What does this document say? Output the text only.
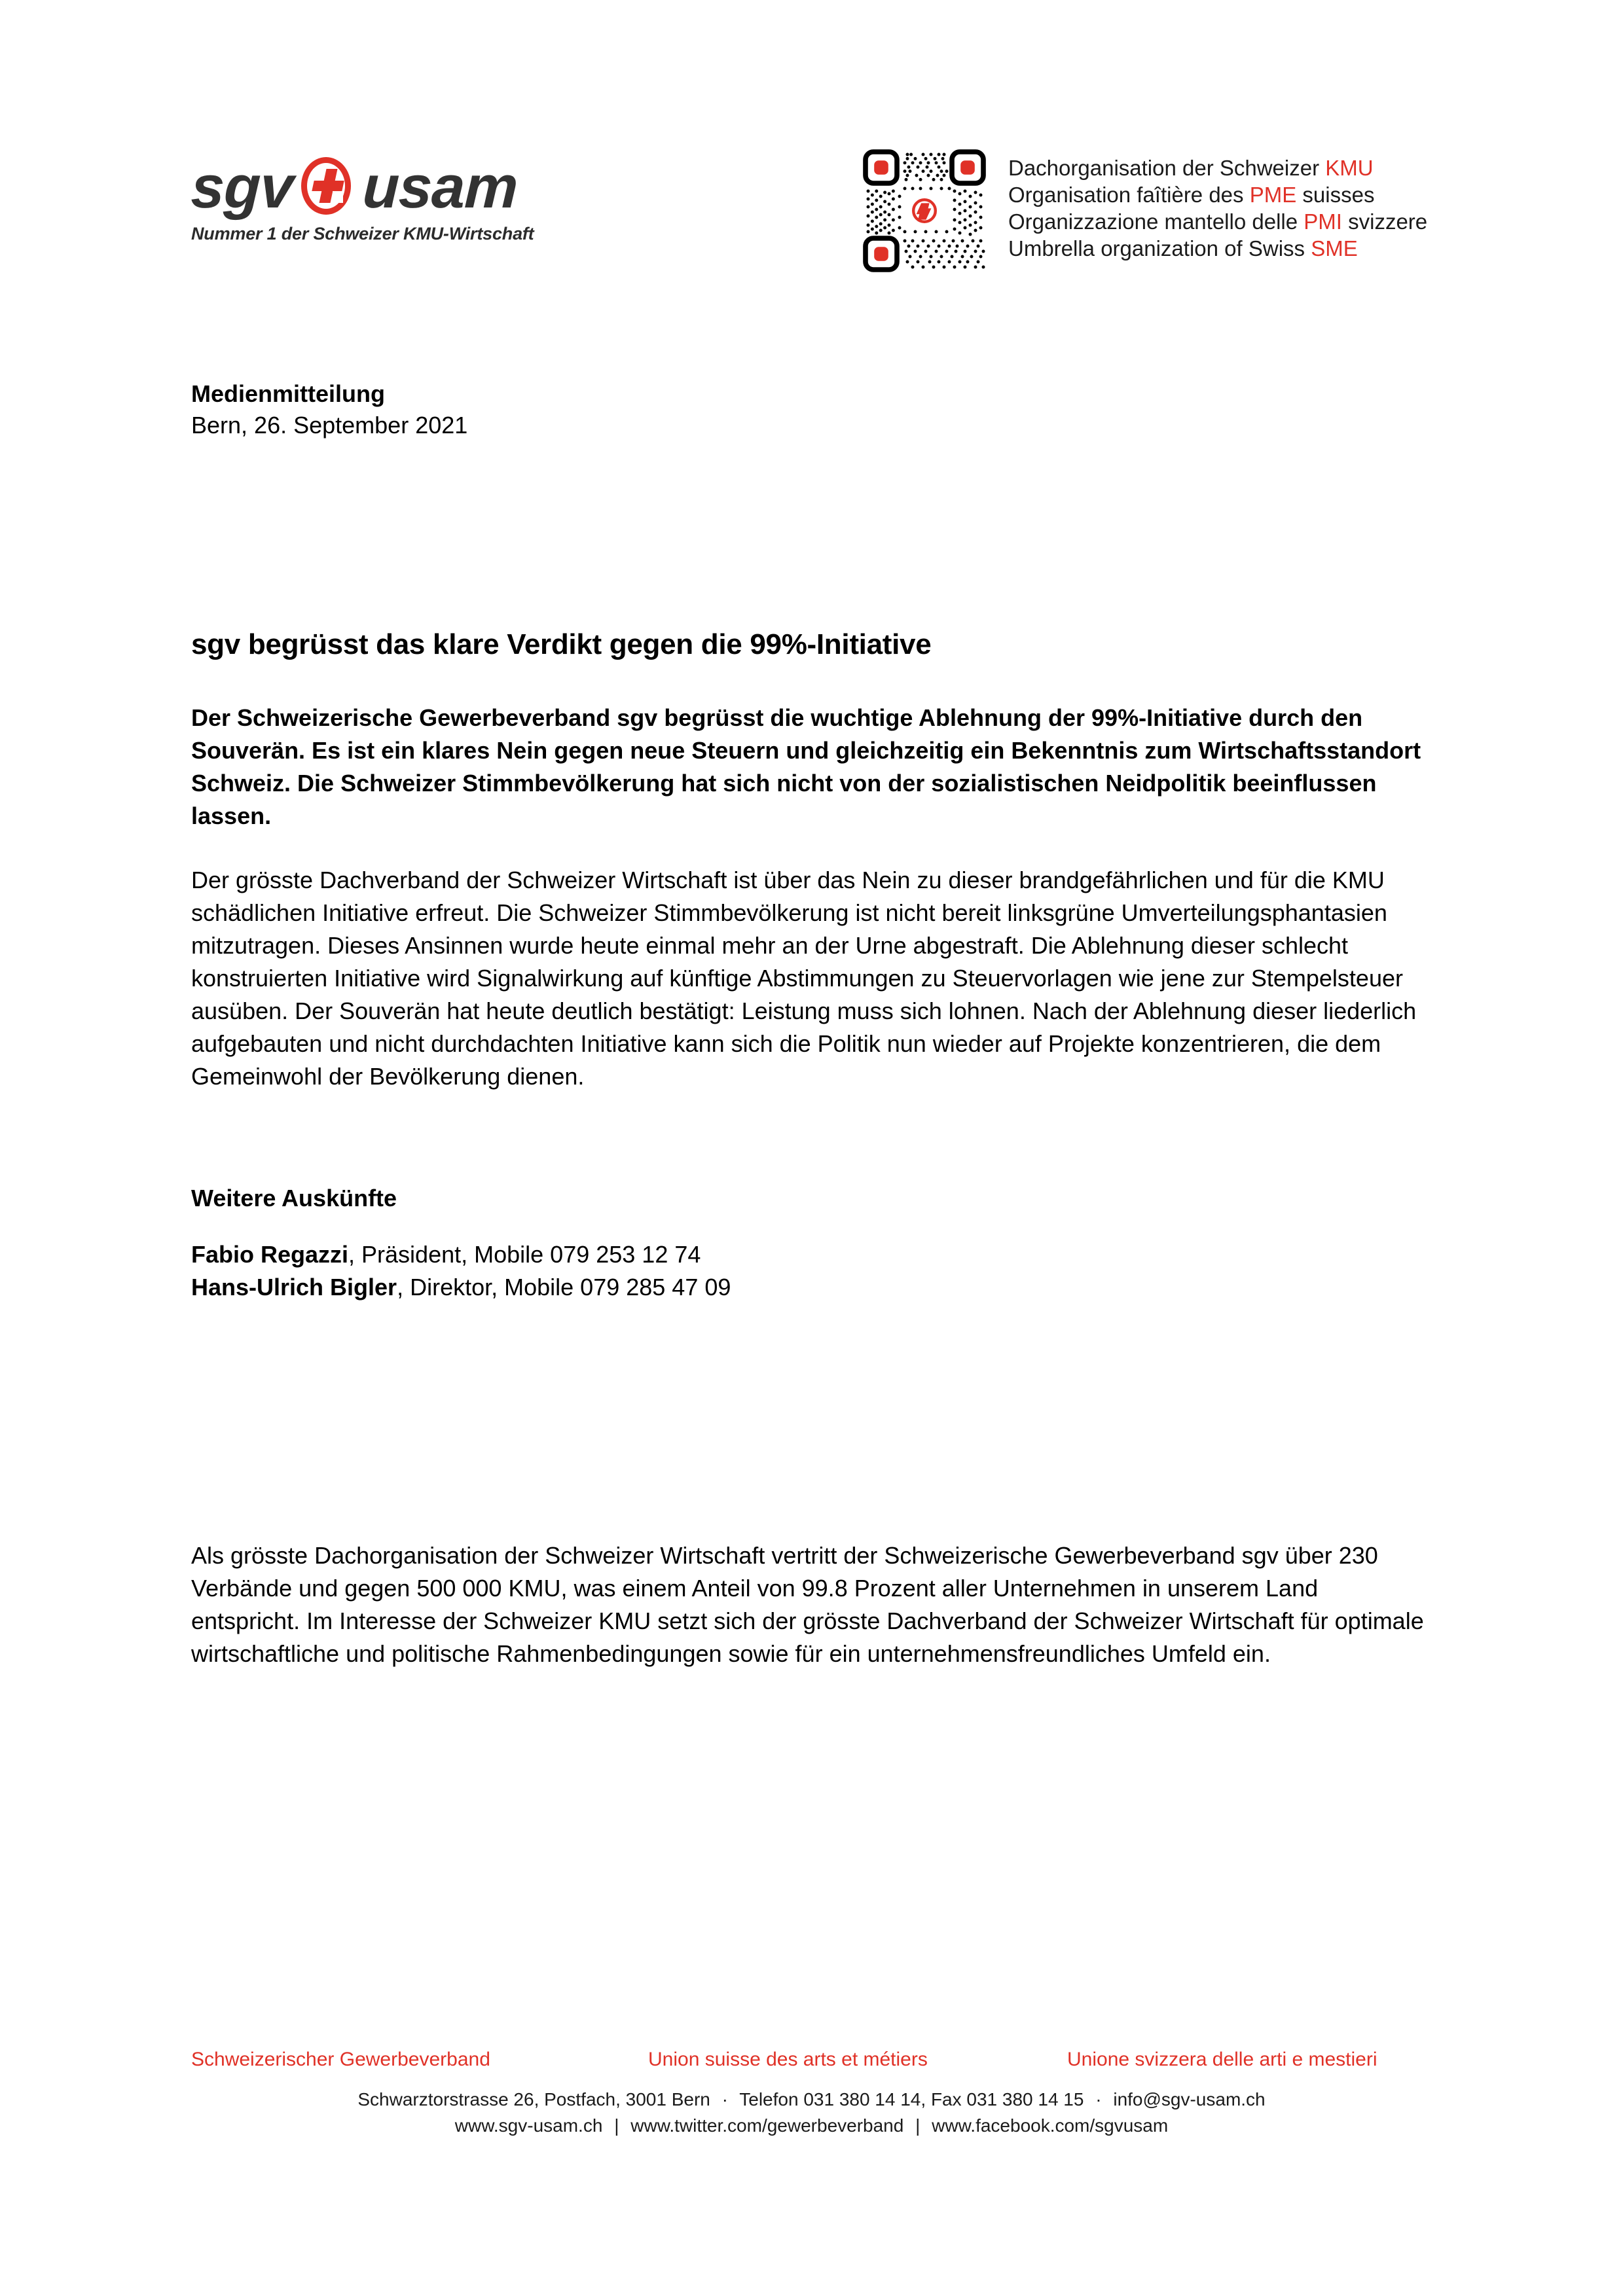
sgv usam
Nummer 1 der Schweizer KMU-Wirtschaft
Dachorganisation der Schweizer KMU
Organisation faîtière des PME suisses
Organizzazione mantello delle PMI svizzere
Umbrella organization of Swiss SME
Medienmitteilung
Bern, 26. September 2021
sgv begrüsst das klare Verdikt gegen die 99%-Initiative

Der Schweizerische Gewerbeverband sgv begrüsst die wuchtige Ablehnung der 99%-Initiative durch den Souverän. Es ist ein klares Nein gegen neue Steuern und gleichzeitig ein Bekenntnis zum Wirtschaftsstandort Schweiz. Die Schweizer Stimmbevölkerung hat sich nicht von der sozialistischen Neidpolitik beeinflussen lassen.

Der grösste Dachverband der Schweizer Wirtschaft ist über das Nein zu dieser brandgefährlichen und für die KMU schädlichen Initiative erfreut. Die Schweizer Stimmbevölkerung ist nicht bereit linksgrüne Umverteilungsphantasien mitzutragen. Dieses Ansinnen wurde heute einmal mehr an der Urne abgestraft. Die Ablehnung dieser schlecht konstruierten Initiative wird Signalwirkung auf künftige Abstimmungen zu Steuervorlagen wie jene zur Stempelsteuer ausüben. Der Souverän hat heute deutlich bestätigt: Leistung muss sich lohnen. Nach der Ablehnung dieser liederlich aufgebauten und nicht durchdachten Initiative kann sich die Politik nun wieder auf Projekte konzentrieren, die dem Gemeinwohl der Bevölkerung dienen.

Weitere Auskünfte
Fabio Regazzi, Präsident, Mobile 079 253 12 74
Hans-Ulrich Bigler, Direktor, Mobile 079 285 47 09

Als grösste Dachorganisation der Schweizer Wirtschaft vertritt der Schweizerische Gewerbeverband sgv über 230 Verbände und gegen 500 000 KMU, was einem Anteil von 99.8 Prozent aller Unternehmen in unserem Land entspricht. Im Interesse der Schweizer KMU setzt sich der grösste Dachverband der Schweizer Wirtschaft für optimale wirtschaftliche und politische Rahmenbedingungen sowie für ein unternehmensfreundliches Umfeld ein.

Schweizerischer Gewerbeverband	Union suisse des arts et métiers	Unione svizzera delle arti e mestieri
Schwarztorstrasse 26, Postfach, 3001 Bern · Telefon 031 380 14 14, Fax 031 380 14 15 · info@sgv-usam.ch
www.sgv-usam.ch | www.twitter.com/gewerbeverband | www.facebook.com/sgvusam
